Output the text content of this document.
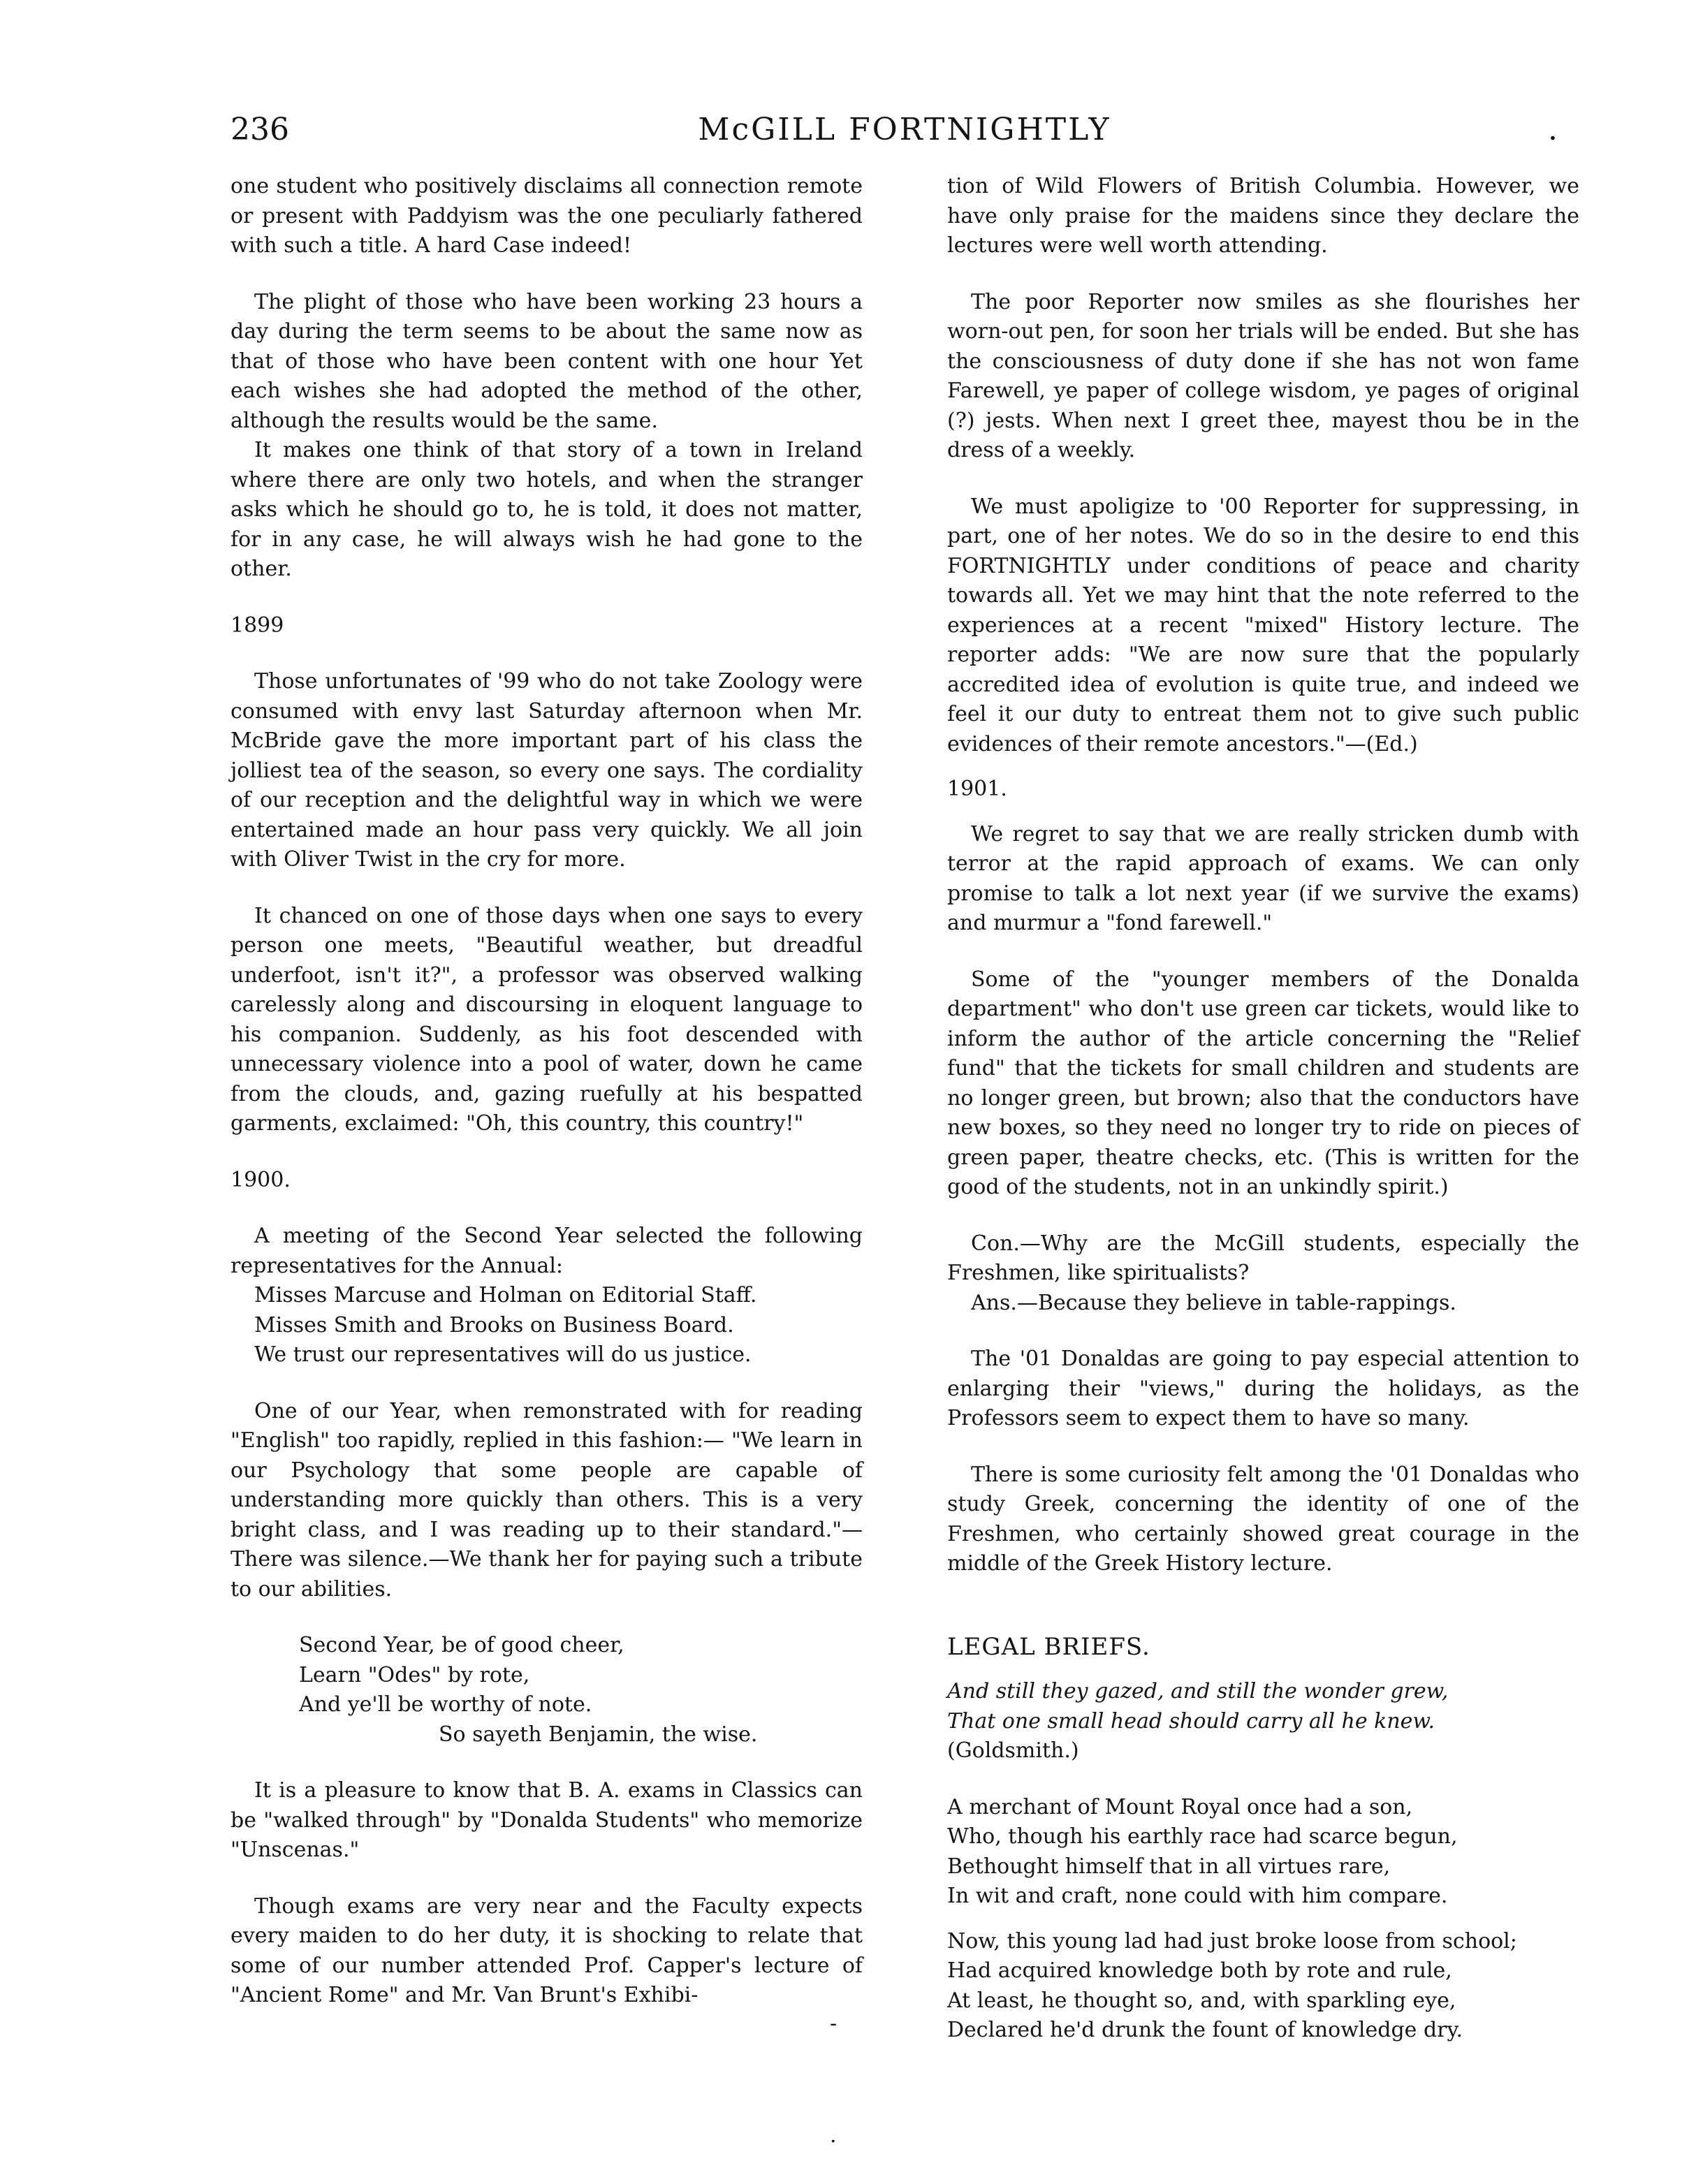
236	McGILL FORTNIGHTLY	.

one student who positively disclaims all connection remote or present with Paddyism was the one peculiarly fathered with such a title. A hard Case indeed!

The plight of those who have been working 23 hours a day during the term seems to be about the same now as that of those who have been content with one hour Yet each wishes she had adopted the method of the other, although the results would be the same.

It makes one think of that story of a town in Ireland where there are only two hotels, and when the stranger asks which he should go to, he is told, it does not matter, for in any case, he will always wish he had gone to the other.

1899

Those unfortunates of '99 who do not take Zoology were consumed with envy last Saturday afternoon when Mr. McBride gave the more important part of his class the jolliest tea of the season, so every one says. The cordiality of our reception and the delightful way in which we were entertained made an hour pass very quickly. We all join with Oliver Twist in the cry for more.

It chanced on one of those days when one says to every person one meets, "Beautiful weather, but dreadful underfoot, isn't it?", a professor was observed walking carelessly along and discoursing in eloquent language to his companion. Suddenly, as his foot descended with unnecessary violence into a pool of water, down he came from the clouds, and, gazing ruefully at his bespatted garments, exclaimed: "Oh, this country, this country!"

1900.

A meeting of the Second Year selected the following representatives for the Annual:

Misses Marcuse and Holman on Editorial Staff.

Misses Smith and Brooks on Business Board.

We trust our representatives will do us justice.

One of our Year, when remonstrated with for reading "English" too rapidly, replied in this fashion:— "We learn in our Psychology that some people are capable of understanding more quickly than others. This is a very bright class, and I was reading up to their standard."—There was silence.—We thank her for paying such a tribute to our abilities.

Second Year, be of good cheer,

Learn "Odes" by rote,

And ye'll be worthy of note.

So sayeth Benjamin, the wise.

It is a pleasure to know that B. A. exams in Classics can be "walked through" by "Donalda Students" who memorize "Unscenas."

Though exams are very near and the Faculty expects every maiden to do her duty, it is shocking to relate that some of our number attended Prof. Capper's lecture of "Ancient Rome" and Mr. Van Brunt's Exhibi-

tion of Wild Flowers of British Columbia. However, we have only praise for the maidens since they declare the lectures were well worth attending.

The poor Reporter now smiles as she flourishes her worn-out pen, for soon her trials will be ended. But she has the consciousness of duty done if she has not won fame Farewell, ye paper of college wisdom, ye pages of original (?) jests. When next I greet thee, mayest thou be in the dress of a weekly.

We must apoligize to '00 Reporter for suppressing, in part, one of her notes. We do so in the desire to end this FORTNIGHTLY under conditions of peace and charity towards all. Yet we may hint that the note referred to the experiences at a recent "mixed" History lecture. The reporter adds: "We are now sure that the popularly accredited idea of evolution is quite true, and indeed we feel it our duty to entreat them not to give such public evidences of their remote ancestors."—(Ed.)

1901.

We regret to say that we are really stricken dumb with terror at the rapid approach of exams. We can only promise to talk a lot next year (if we survive the exams) and murmur a "fond farewell."

Some of the "younger members of the Donalda department" who don't use green car tickets, would like to inform the author of the article concerning the "Relief fund" that the tickets for small children and students are no longer green, but brown; also that the conductors have new boxes, so they need no longer try to ride on pieces of green paper, theatre checks, etc. (This is written for the good of the students, not in an unkindly spirit.)

Con.—Why are the McGill students, especially the Freshmen, like spiritualists?

Ans.—Because they believe in table-rappings.

The '01 Donaldas are going to pay especial attention to enlarging their "views," during the holidays, as the Professors seem to expect them to have so many.

There is some curiosity felt among the '01 Donaldas who study Greek, concerning the identity of one of the Freshmen, who certainly showed great courage in the middle of the Greek History lecture.

LEGAL BRIEFS.

And still they gazed, and still the wonder grew,

That one small head should carry all he knew.

(Goldsmith.)

A merchant of Mount Royal once had a son,

Who, though his earthly race had scarce begun,

Bethought himself that in all virtues rare,

In wit and craft, none could with him compare.

Now, this young lad had just broke loose from school;

Had acquired knowledge both by rote and rule,

At least, he thought so, and, with sparkling eye,

Declared he'd drunk the fount of knowledge dry.

-
.
